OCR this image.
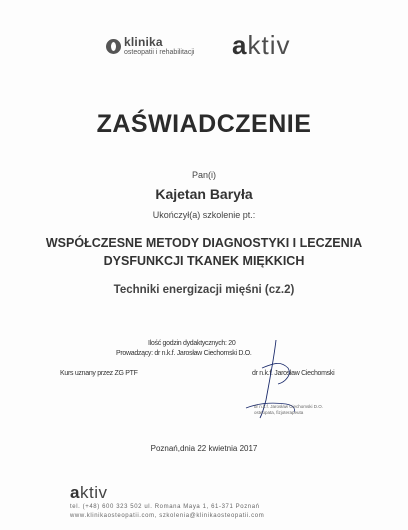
klinika
osteopatii i rehabilitacji aktiv
ZAŚWIADCZENIE
Pan(i)
Kajetan Baryła
Ukończył(a) szkolenie pt.:
WSPÓŁCZESNE METODY DIAGNOSTYKI I LECZENIA
DYSFUNKCJI TKANEK MIĘKKICH
Techniki energizacji mięśni (cz.2)
Ilość godzin dydaktycznych: 20
Prowadzący: dr n.k.f. Jarosław Ciechomski D.O.
Kurs uznany przez ZG PTF	dr n.k.f. Jarosław Ciechomski
dr n.k.f. Jarosław Ciechomski D.O.
osteopata, fizjoterapeuta
Poznań,dnia 22 kwietnia 2017
aktiv
tel. (+48) 600 323 502 ul. Romana Maya 1, 61-371 Poznań
www.klinikaosteopatii.com, szkolenia@klinikaosteopatii.com
